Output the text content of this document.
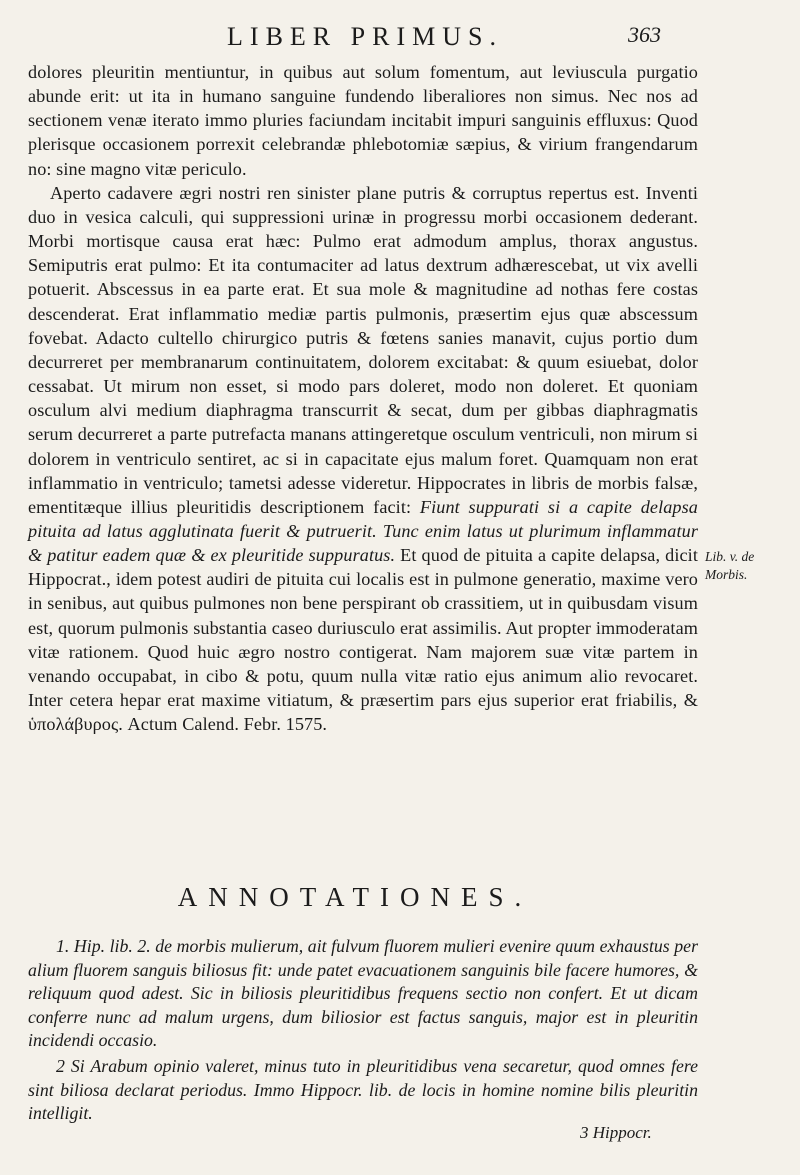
LIBER PRIMUS.	363

dolores pleuritin mentiuntur, in quibus aut solum fomentum, aut leviuscula purgatio abunde erit: ut ita in humano sanguine fundendo liberaliores non simus. Nec nos ad sectionem venæ iterato immo pluries faciundam incitabit impuri sanguinis effluxus: Quod plerisque occasionem porrexit celebrandæ phlebotomiæ sæpius, & virium frangendarum no: sine magno vitæ periculo.

Aperto cadavere ægri nostri ren sinister plane putris & corruptus repertus est. Inventi duo in vesica calculi, qui suppressioni urinæ in progressu morbi occasionem dederant. Morbi mortisque causa erat hæc: Pulmo erat admodum amplus, thorax angustus. Semiputris erat pulmo: Et ita contumaciter ad latus dextrum adhærescebat, ut vix avelli potuerit. Abscessus in ea parte erat. Et sua mole & magnitudine ad nothas fere costas descenderat. Erat inflammatio mediæ partis pulmonis, præsertim ejus quæ abscessum fovebat. Adacto cultello chirurgico putris & fœtens sanies manavit, cujus portio dum decurreret per membranarum continuitatem, dolorem excitabat: & quum esiuebat, dolor cessabat. Ut mirum non esset, si modo pars doleret, modo non doleret. Et quoniam osculum alvi medium diaphragma transcurrit & secat, dum per gibbas diaphragmatis serum decurreret a parte putrefacta manans attingeretque osculum ventriculi, non mirum si dolorem in ventriculo sentiret, ac si in capacitate ejus malum foret. Quamquam non erat inflammatio in ventriculo; tametsi adesse videretur. Hippocrates in libris de morbis falsæ, ementitæque illius pleuritidis descriptionem facit: Fiunt suppurati si a capite delapsa pituita ad latus agglutinata fuerit & putruerit. Tunc enim latus ut plurimum inflammatur & patitur eadem quæ & ex pleuritide suppuratus. Et quod de pituita a capite delapsa, dicit Hippocrat., idem potest audiri de pituita cui localis est in pulmone generatio, maxime vero in senibus, aut quibus pulmones non bene perspirant ob crassitiem, ut in quibusdam visum est, quorum pulmonis substantia caseo duriusculo erat assimilis. Aut propter immoderatam vitæ rationem. Quod huic ægro nostro contigerat. Nam majorem suæ vitæ partem in venando occupabat, in cibo & potu, quum nulla vitæ ratio ejus animum alio revocaret. Inter cetera hepar erat maxime vitiatum, & præsertim pars ejus superior erat friabilis, & ὑπολάβυρος. Actum Calend. Febr. 1575.

Lib. v. de Morbis.
ANNOTATIONES.

1. Hip. lib. 2. de morbis mulierum, ait fulvum fluorem mulieri evenire quum exhaustus per alium fluorem sanguis biliosus fit: unde patet evacuationem sanguinis bile facere humores, & reliquum quod adest. Sic in biliosis pleuritidibus frequens sectio non confert. Et ut dicam conferre nunc ad malum urgens, dum biliosior est factus sanguis, major est in pleuritin incidendi occasio.

2 Si Arabum opinio valeret, minus tuto in pleuritidibus vena secaretur, quod omnes fere sint biliosa declarat periodus. Immo Hippocr. lib. de locis in homine nomine bilis pleuritin intelligit.

3 Hippocr.
